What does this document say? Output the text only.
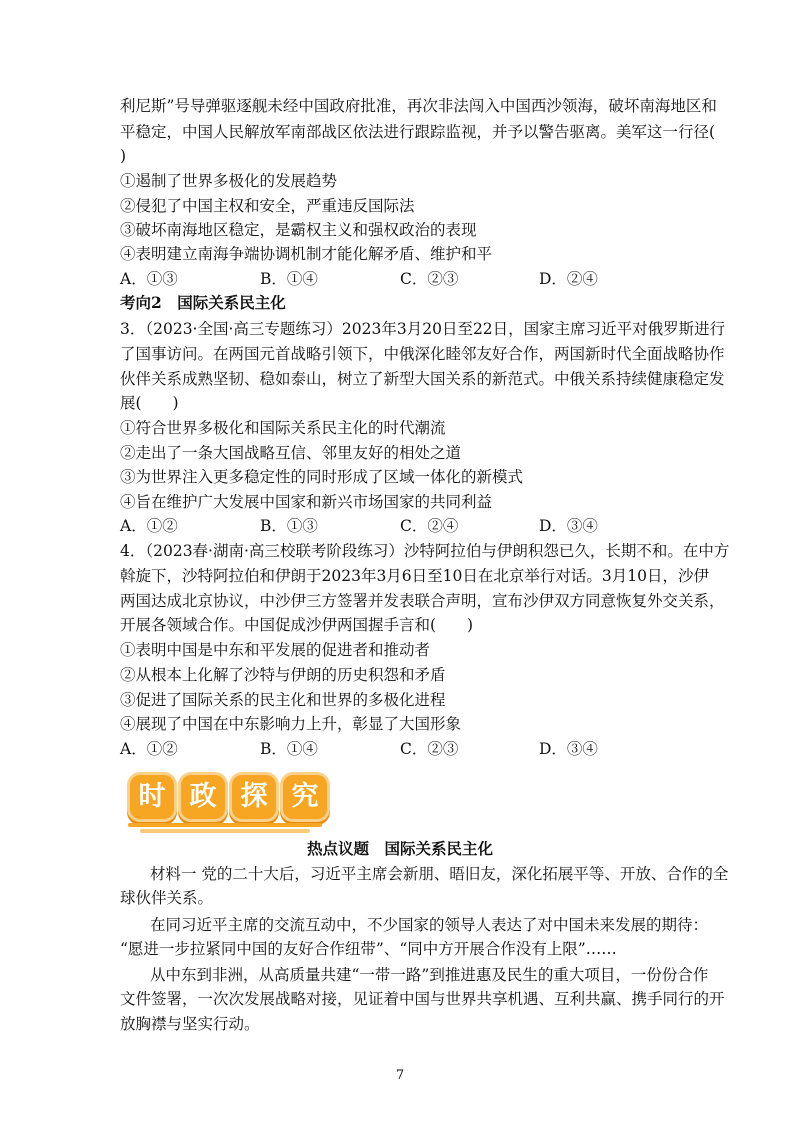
利尼斯”号导弹驱逐舰未经中国政府批准，再次非法闯入中国西沙领海，破坏南海地区和
平稳定，中国人民解放军南部战区依法进行跟踪监视，并予以警告驱离。美军这一行径(
)
①遏制了世界多极化的发展趋势
②侵犯了中国主权和安全，严重违反国际法
③破坏南海地区稳定，是霸权主义和强权政治的表现
④表明建立南海争端协调机制才能化解矛盾、维护和平
A．①③	B．①④	C．②③	D．②④
考向2　国际关系民主化
3．（2023·全国·高三专题练习）2023年3月20日至22日，国家主席习近平对俄罗斯进行
了国事访问。在两国元首战略引领下，中俄深化睦邻友好合作，两国新时代全面战略协作
伙伴关系成熟坚韧、稳如泰山，树立了新型大国关系的新范式。中俄关系持续健康稳定发
展(　　)
①符合世界多极化和国际关系民主化的时代潮流
②走出了一条大国战略互信、邻里友好的相处之道
③为世界注入更多稳定性的同时形成了区域一体化的新模式
④旨在维护广大发展中国家和新兴市场国家的共同利益
A．①②	B．①③	C．②④	D．③④
4．（2023春·湖南·高三校联考阶段练习）沙特阿拉伯与伊朗积怨已久，长期不和。在中方
斡旋下，沙特阿拉伯和伊朗于2023年3月6日至10日在北京举行对话。3月10日，沙伊
两国达成北京协议，中沙伊三方签署并发表联合声明，宣布沙伊双方同意恢复外交关系，
开展各领域合作。中国促成沙伊两国握手言和(　　)
①表明中国是中东和平发展的促进者和推动者
②从根本上化解了沙特与伊朗的历史积怨和矛盾
③促进了国际关系的民主化和世界的多极化进程
④展现了中国在中东影响力上升，彰显了大国形象
A．①②	B．①④	C．②③	D．③④
时 政 探 究
热点议题　国际关系民主化
材料一 党的二十大后，习近平主席会新朋、晤旧友，深化拓展平等、开放、合作的全
球伙伴关系。
在同习近平主席的交流互动中，不少国家的领导人表达了对中国未来发展的期待：
“愿进一步拉紧同中国的友好合作纽带”、“同中方开展合作没有上限”……
从中东到非洲，从高质量共建“一带一路”到推进惠及民生的重大项目，一份份合作
文件签署，一次次发展战略对接，见证着中国与世界共享机遇、互利共赢、携手同行的开
放胸襟与坚实行动。
7
